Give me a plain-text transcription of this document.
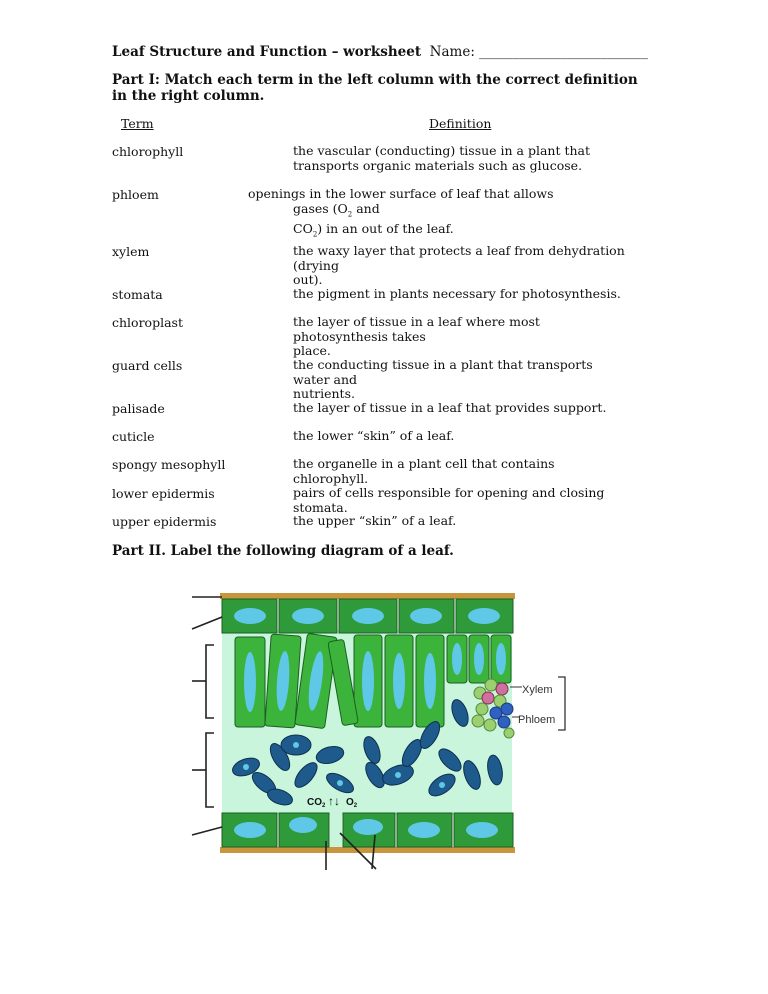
Leaf Structure and Function – worksheet Name: _________________________
Part I: Match each term in the left column with the correct definition in the right column.
Term	Definition
chlorophyll
phloem
xylem
stomata
chloroplast
guard cells
palisade
cuticle
spongy mesophyll
lower epidermis
upper epidermis
the vascular (conducting) tissue in a plant that
transports organic materials such as glucose.
openings in the lower surface of leaf that allows
gases ($O_2$ and
$CO_2$) in an out of the leaf.
the waxy layer that protects a leaf from dehydration (drying
out).
the pigment in plants necessary for photosynthesis.
the layer of tissue in a leaf where most photosynthesis takes
place.
the conducting tissue in a plant that transports water and
nutrients.
the layer of tissue in a leaf that provides support.
the lower “skin” of a leaf.
the organelle in a plant cell that contains chlorophyll.
pairs of cells responsible for opening and closing stomata.
the upper “skin” of a leaf.
Part II. Label the following diagram of a leaf.
Xylem
Phloem
$CO_2$ ↑↓ $O_2$
